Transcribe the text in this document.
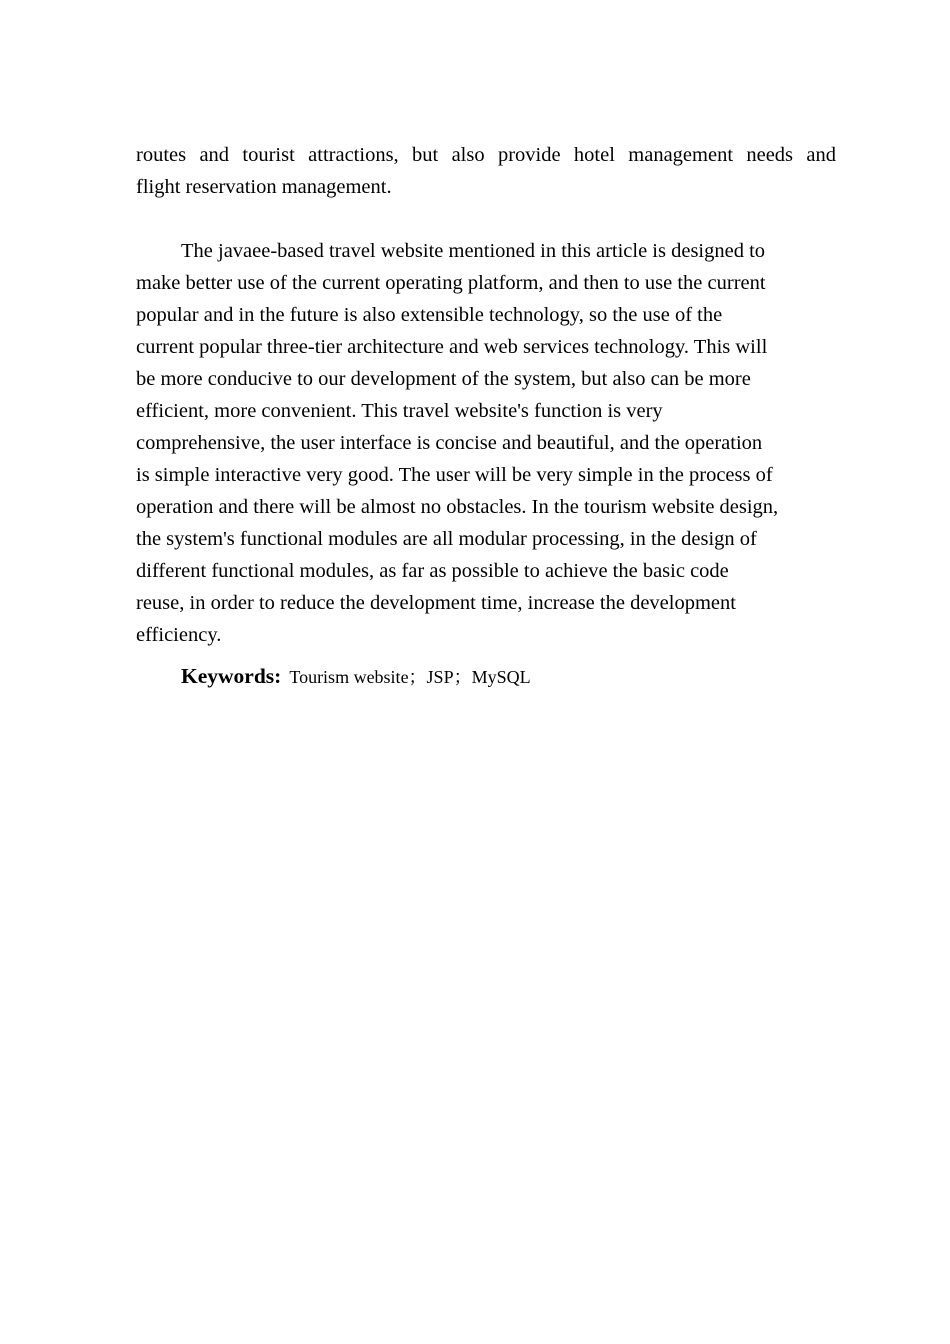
routes and tourist attractions, but also provide hotel management needs and
flight reservation management.
The javaee-based travel website mentioned in this article is designed to
make better use of the current operating platform, and then to use the current
popular and in the future is also extensible technology, so the use of the
current popular three-tier architecture and web services technology. This will
be more conducive to our development of the system, but also can be more
efficient, more convenient. This travel website's function is very
comprehensive, the user interface is concise and beautiful, and the operation
is simple interactive very good. The user will be very simple in the process of
operation and there will be almost no obstacles. In the tourism website design,
the system's functional modules are all modular processing, in the design of
different functional modules, as far as possible to achieve the basic code
reuse, in order to reduce the development time, increase the development
efficiency.
Keywords: Tourism website；JSP；MySQL
